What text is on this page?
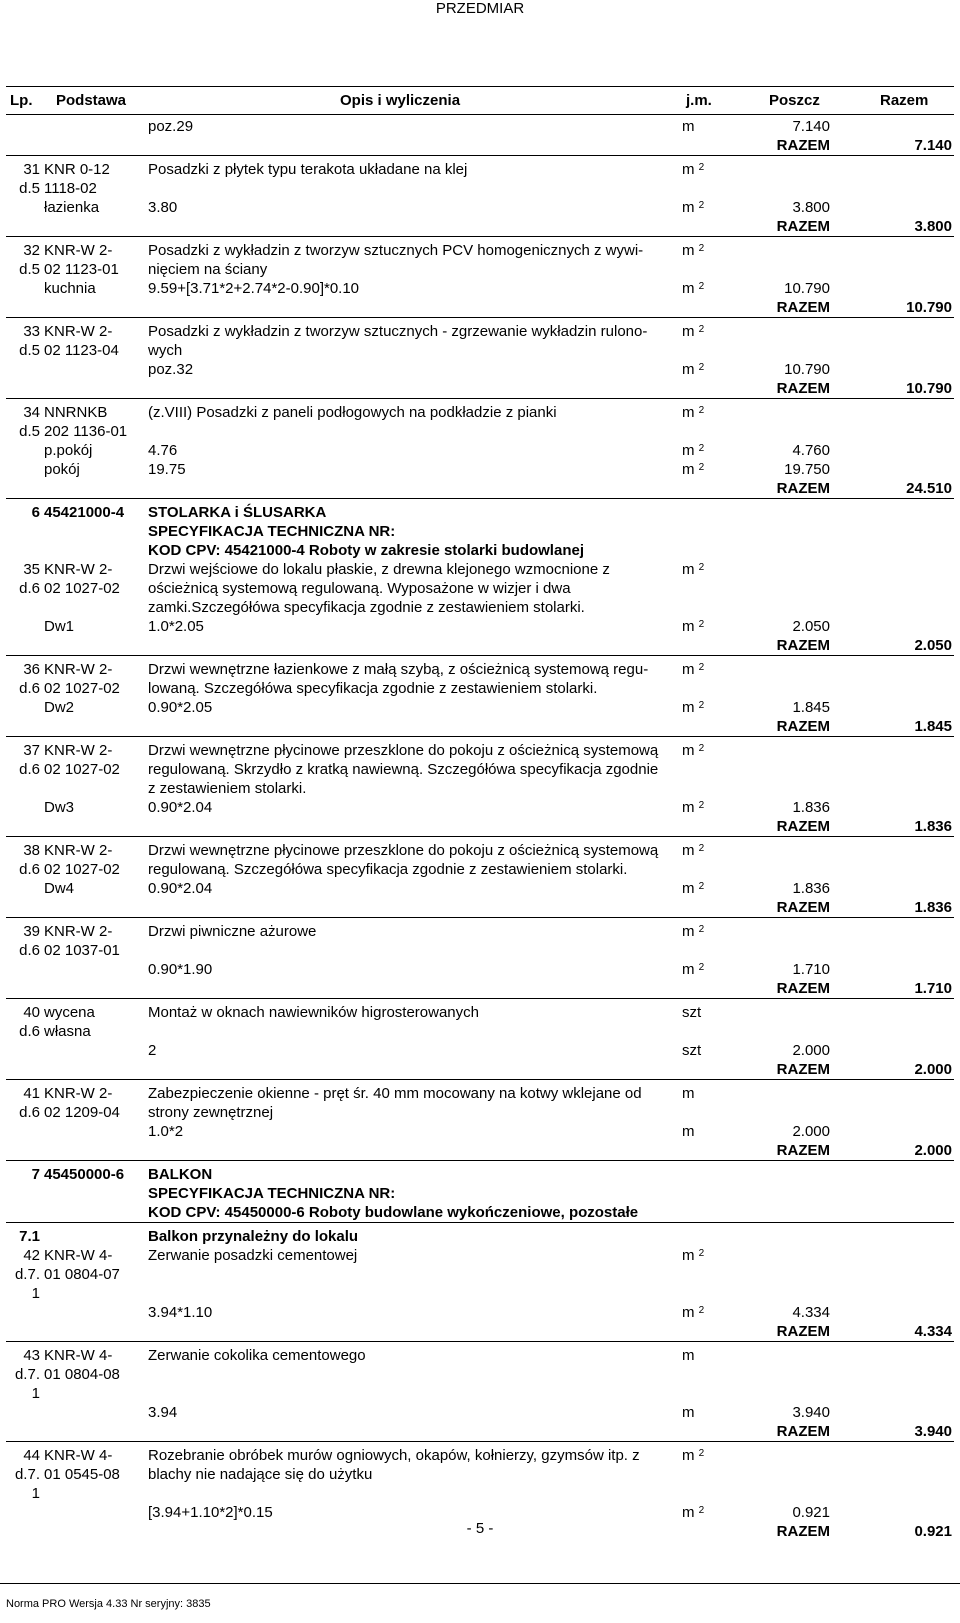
PRZEDMIAR
Lp. Podstawa	Opis i wyliczenia	j.m.	Poszcz	Razem
		poz.29	m	7.140	
				RAZEM	7.140

31	KNR 0-12	Posadzki z płytek typu terakota układane na klej	m $^2$		
d.5	1118-02				
	łazienka	3.80	m $^2$	3.800	
				RAZEM	3.800

32	KNR-W 2-	Posadzki z wykładzin z tworzyw sztucznych PCV homogenicznych z wywi-	m $^2$		
d.5	02 1123-01	nięciem na ściany			
	kuchnia	9.59+[3.71*2+2.74*2-0.90]*0.10	m $^2$	10.790	
				RAZEM	10.790

33	KNR-W 2-	Posadzki z wykładzin z tworzyw sztucznych - zgrzewanie wykładzin rulono-	m $^2$		
d.5	02 1123-04	wych			
		poz.32	m $^2$	10.790	
				RAZEM	10.790

34	NNRNKB	(z.VIII) Posadzki z paneli podłogowych na podkładzie z pianki	m $^2$		
d.5	202 1136-01				
	p.pokój	4.76	m $^2$	4.760	
	pokój	19.75	m $^2$	19.750	
				RAZEM	24.510

6	45421000-4	STOLARKA i ŚLUSARKA			
		SPECYFIKACJA TECHNICZNA NR:			
		KOD CPV: 45421000-4 Roboty w zakresie stolarki budowlanej			
35	KNR-W 2-	Drzwi wejściowe do lokalu płaskie, z drewna klejonego wzmocnione z	m $^2$		
d.6	02 1027-02	ościeżnicą systemową regulowaną. Wyposażone w wizjer i dwa			
		zamki.Szczegółówa specyfikacja zgodnie z zestawieniem stolarki.			
	Dw1	1.0*2.05	m $^2$	2.050	
				RAZEM	2.050

36	KNR-W 2-	Drzwi wewnętrzne łazienkowe z małą szybą, z ościeżnicą systemową regu-	m $^2$		
d.6	02 1027-02	lowaną. Szczegółówa specyfikacja zgodnie z zestawieniem stolarki.			
	Dw2	0.90*2.05	m $^2$	1.845	
				RAZEM	1.845

37	KNR-W 2-	Drzwi wewnętrzne płycinowe przeszklone do pokoju z ościeżnicą systemową	m $^2$		
d.6	02 1027-02	regulowaną. Skrzydło z kratką nawiewną. Szczegółówa specyfikacja zgodnie			
		z zestawieniem stolarki.			
	Dw3	0.90*2.04	m $^2$	1.836	
				RAZEM	1.836

38	KNR-W 2-	Drzwi wewnętrzne płycinowe przeszklone do pokoju z ościeżnicą systemową	m $^2$		
d.6	02 1027-02	regulowaną. Szczegółówa specyfikacja zgodnie z zestawieniem stolarki.			
	Dw4	0.90*2.04	m $^2$	1.836	
				RAZEM	1.836

39	KNR-W 2-	Drzwi piwniczne ażurowe	m $^2$		
d.6	02 1037-01				
		0.90*1.90	m $^2$	1.710	
				RAZEM	1.710

40	wycena	Montaż w oknach nawiewników higrosterowanych	szt		
d.6	własna				
		2	szt	2.000	
				RAZEM	2.000

41	KNR-W 2-	Zabezpieczenie okienne - pręt śr. 40 mm mocowany na kotwy wklejane od	m		
d.6	02 1209-04	strony zewnętrznej			
		1.0*2	m	2.000	
				RAZEM	2.000

7	45450000-6	BALKON			
		SPECYFIKACJA TECHNICZNA NR:			
		KOD CPV: 45450000-6 Roboty budowlane wykończeniowe, pozostałe			

7.1		Balkon przynależny do lokalu			
42	KNR-W 4-	Zerwanie posadzki cementowej	m $^2$		
d.7.	01 0804-07				
1					
		3.94*1.10	m $^2$	4.334	
				RAZEM	4.334

43	KNR-W 4-	Zerwanie cokolika cementowego	m		
d.7.	01 0804-08				
1					
		3.94	m	3.940	
				RAZEM	3.940

44	KNR-W 4-	Rozebranie obróbek murów ogniowych, okapów, kołnierzy, gzymsów itp. z	m $^2$		
d.7.	01 0545-08	blachy nie nadające się do użytku			
1					
		[3.94+1.10*2]*0.15	m $^2$	0.921	
				RAZEM	0.921
- 5 -
Norma PRO Wersja 4.33 Nr seryjny: 3835
